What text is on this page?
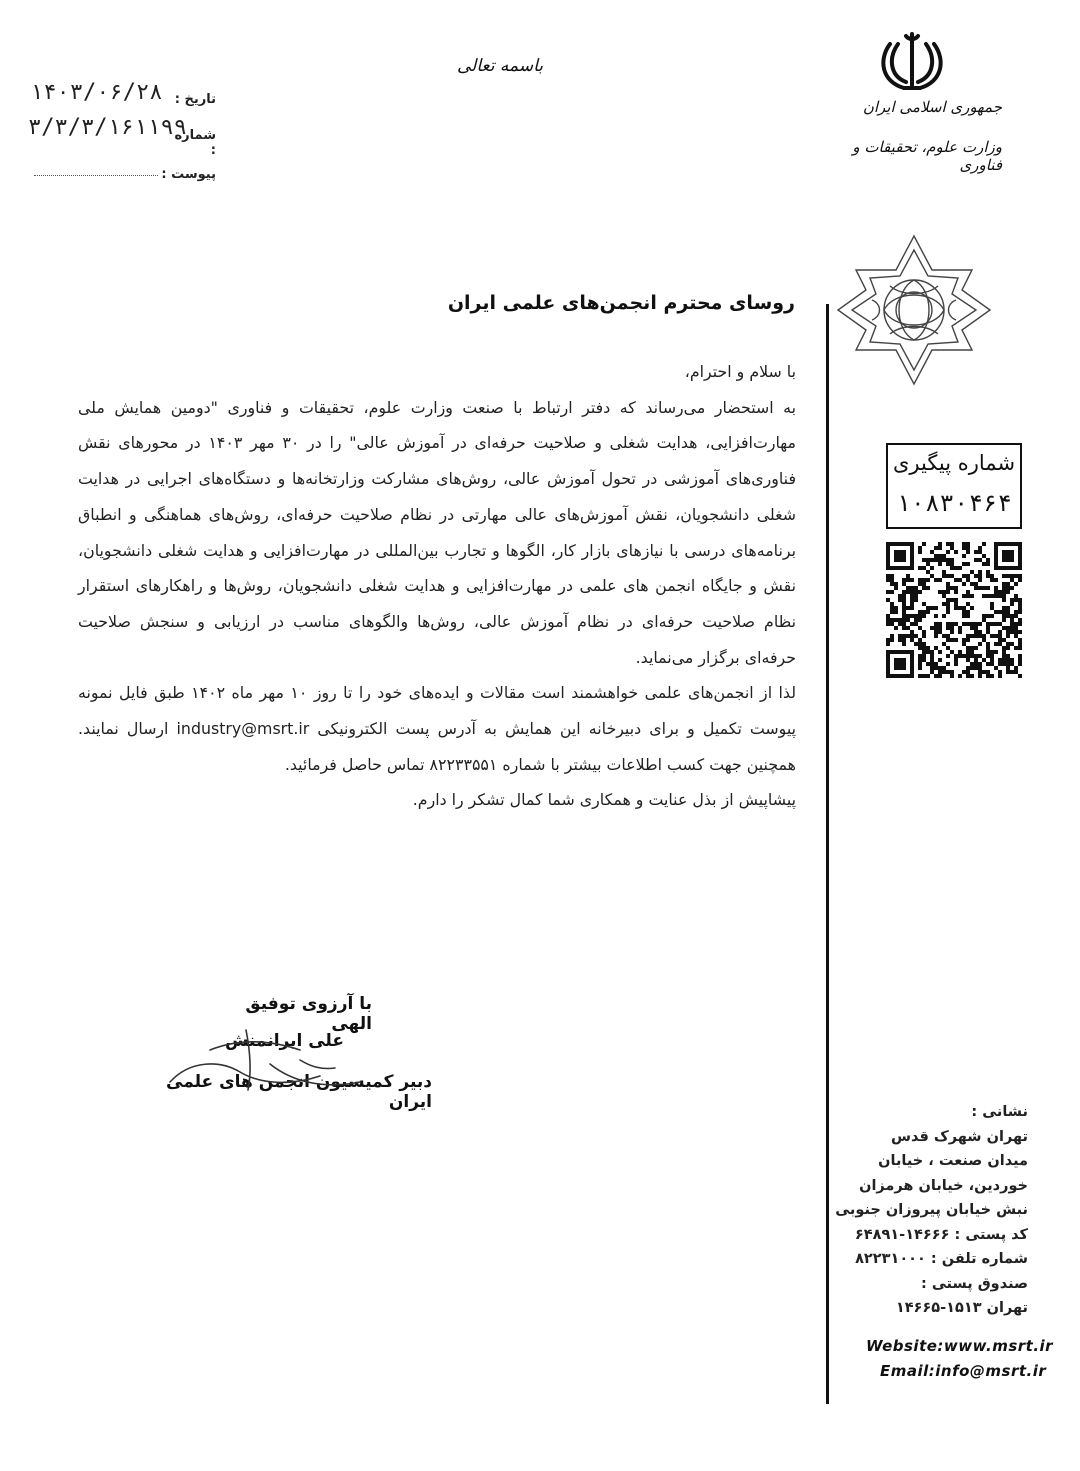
جمهوری اسلامی ایران
وزارت علوم، تحقیقات و فناوری
باسمه تعالی
تاریخ :
۱۴۰۳/۰۶/۲۸
شماره :
۳/۳/۳/۱۶۱۱۹۹
پیوست :
شماره پیگیری
۱۰۸۳۰۴۶۴
روسای محترم انجمن‌های علمی ایران

با سلام و احترام،

به استحضار می‌رساند که دفتر ارتباط با صنعت وزارت علوم، تحقیقات و فناوری "دومین همایش ملی مهارت‌افزایی، هدایت شغلی و صلاحیت حرفه‌ای در آموزش عالی" را در ۳۰ مهر ۱۴۰۳ در محورهای نقش فناوری‌های آموزشی در تحول آموزش عالی، روش‌های مشارکت وزارتخانه‌ها و دستگاه‌های اجرایی در هدایت شغلی دانشجویان، نقش آموزش‌های عالی مهارتی در نظام صلاحیت حرفه‌ای، روش‌های هماهنگی و انطباق برنامه‌های درسی با نیازهای بازار کار، الگوها و تجارب بین‌المللی در مهارت‌افزایی و هدایت شغلی دانشجویان، نقش و جایگاه انجمن های علمی در مهارت‌افزایی و هدایت شغلی دانشجویان، روش‌ها و راهکارهای استقرار نظام صلاحیت حرفه‌ای در نظام آموزش عالی، روش‌ها والگوهای مناسب در ارزیابی و سنجش صلاحیت حرفه‌ای برگزار می‌نماید.

لذا از انجمن‌های علمی خواهشمند است مقالات و ایده‌های خود را تا روز ۱۰ مهر ماه ۱۴۰۲ طبق فایل نمونه پیوست تکمیل و برای دبیرخانه این همایش به آدرس پست الکترونیکی industry@msrt.ir ارسال نمایند. همچنین جهت کسب اطلاعات بیشتر با شماره ۸۲۲۳۳۵۵۱ تماس حاصل فرمائید.

پیشاپیش از بذل عنایت و همکاری شما کمال تشکر را دارم.

با آرزوی توفیق الهی
علی ایرانمنش
دبیر کمیسیون انجمن های علمی ایران	نشانی :
تهران شهرک قدس
میدان صنعت ، خیابان
خوردین، خیابان هرمزان
نبش خیابان پیروزان جنوبی
کد پستی : ۱۴۶۶۶-۶۴۸۹۱
شماره تلفن : ۸۲۲۳۱۰۰۰
صندوق پستی :
تهران ۱۵۱۳-۱۴۶۶۵
Website:www.msrt.ir
Email:info@msrt.ir
